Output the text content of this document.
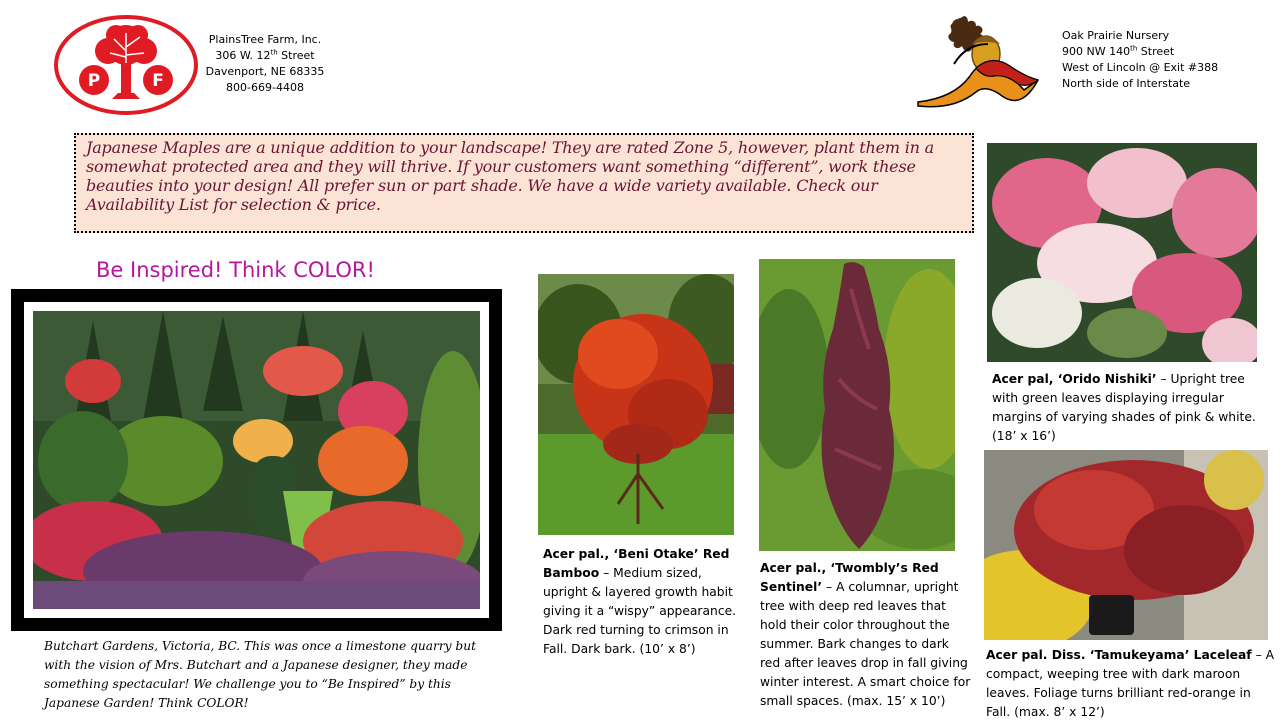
P	F
PlainsTree Farm, Inc.
306 W. 12th Street
Davenport, NE 68335
800-669-4408
Oak Prairie Nursery
900 NW 140th Street
West of Lincoln @ Exit #388
North side of Interstate
Japanese Maples are a unique addition to your landscape! They are rated Zone 5, however, plant them in a somewhat protected area and they will thrive. If your customers want something “different”, work these beauties into your design! All prefer sun or part shade. We have a wide variety available. Check our Availability List for selection & price.
Be Inspired! Think COLOR!
Butchart Gardens, Victoria, BC. This was once a limestone quarry but with the vision of Mrs. Butchart and a Japanese designer, they made something spectacular! We challenge you to “Be Inspired” by this Japanese Garden! Think COLOR!
Acer pal., ‘Beni Otake’ Red Bamboo – Medium sized, upright & layered growth habit giving it a “wispy” appearance. Dark red turning to crimson in Fall. Dark bark. (10’ x 8’)
Acer pal., ‘Twombly’s Red Sentinel’ – A columnar, upright tree with deep red leaves that hold their color throughout the summer. Bark changes to dark red after leaves drop in fall giving winter interest. A smart choice for small spaces. (max. 15’ x 10’)
Acer pal, ‘Orido Nishiki’ – Upright tree with green leaves displaying irregular margins of varying shades of pink & white. (18’ x 16’)
Acer pal. Diss. ‘Tamukeyama’ Laceleaf – A compact, weeping tree with dark maroon leaves. Foliage turns brilliant red-orange in Fall. (max. 8’ x 12’)
